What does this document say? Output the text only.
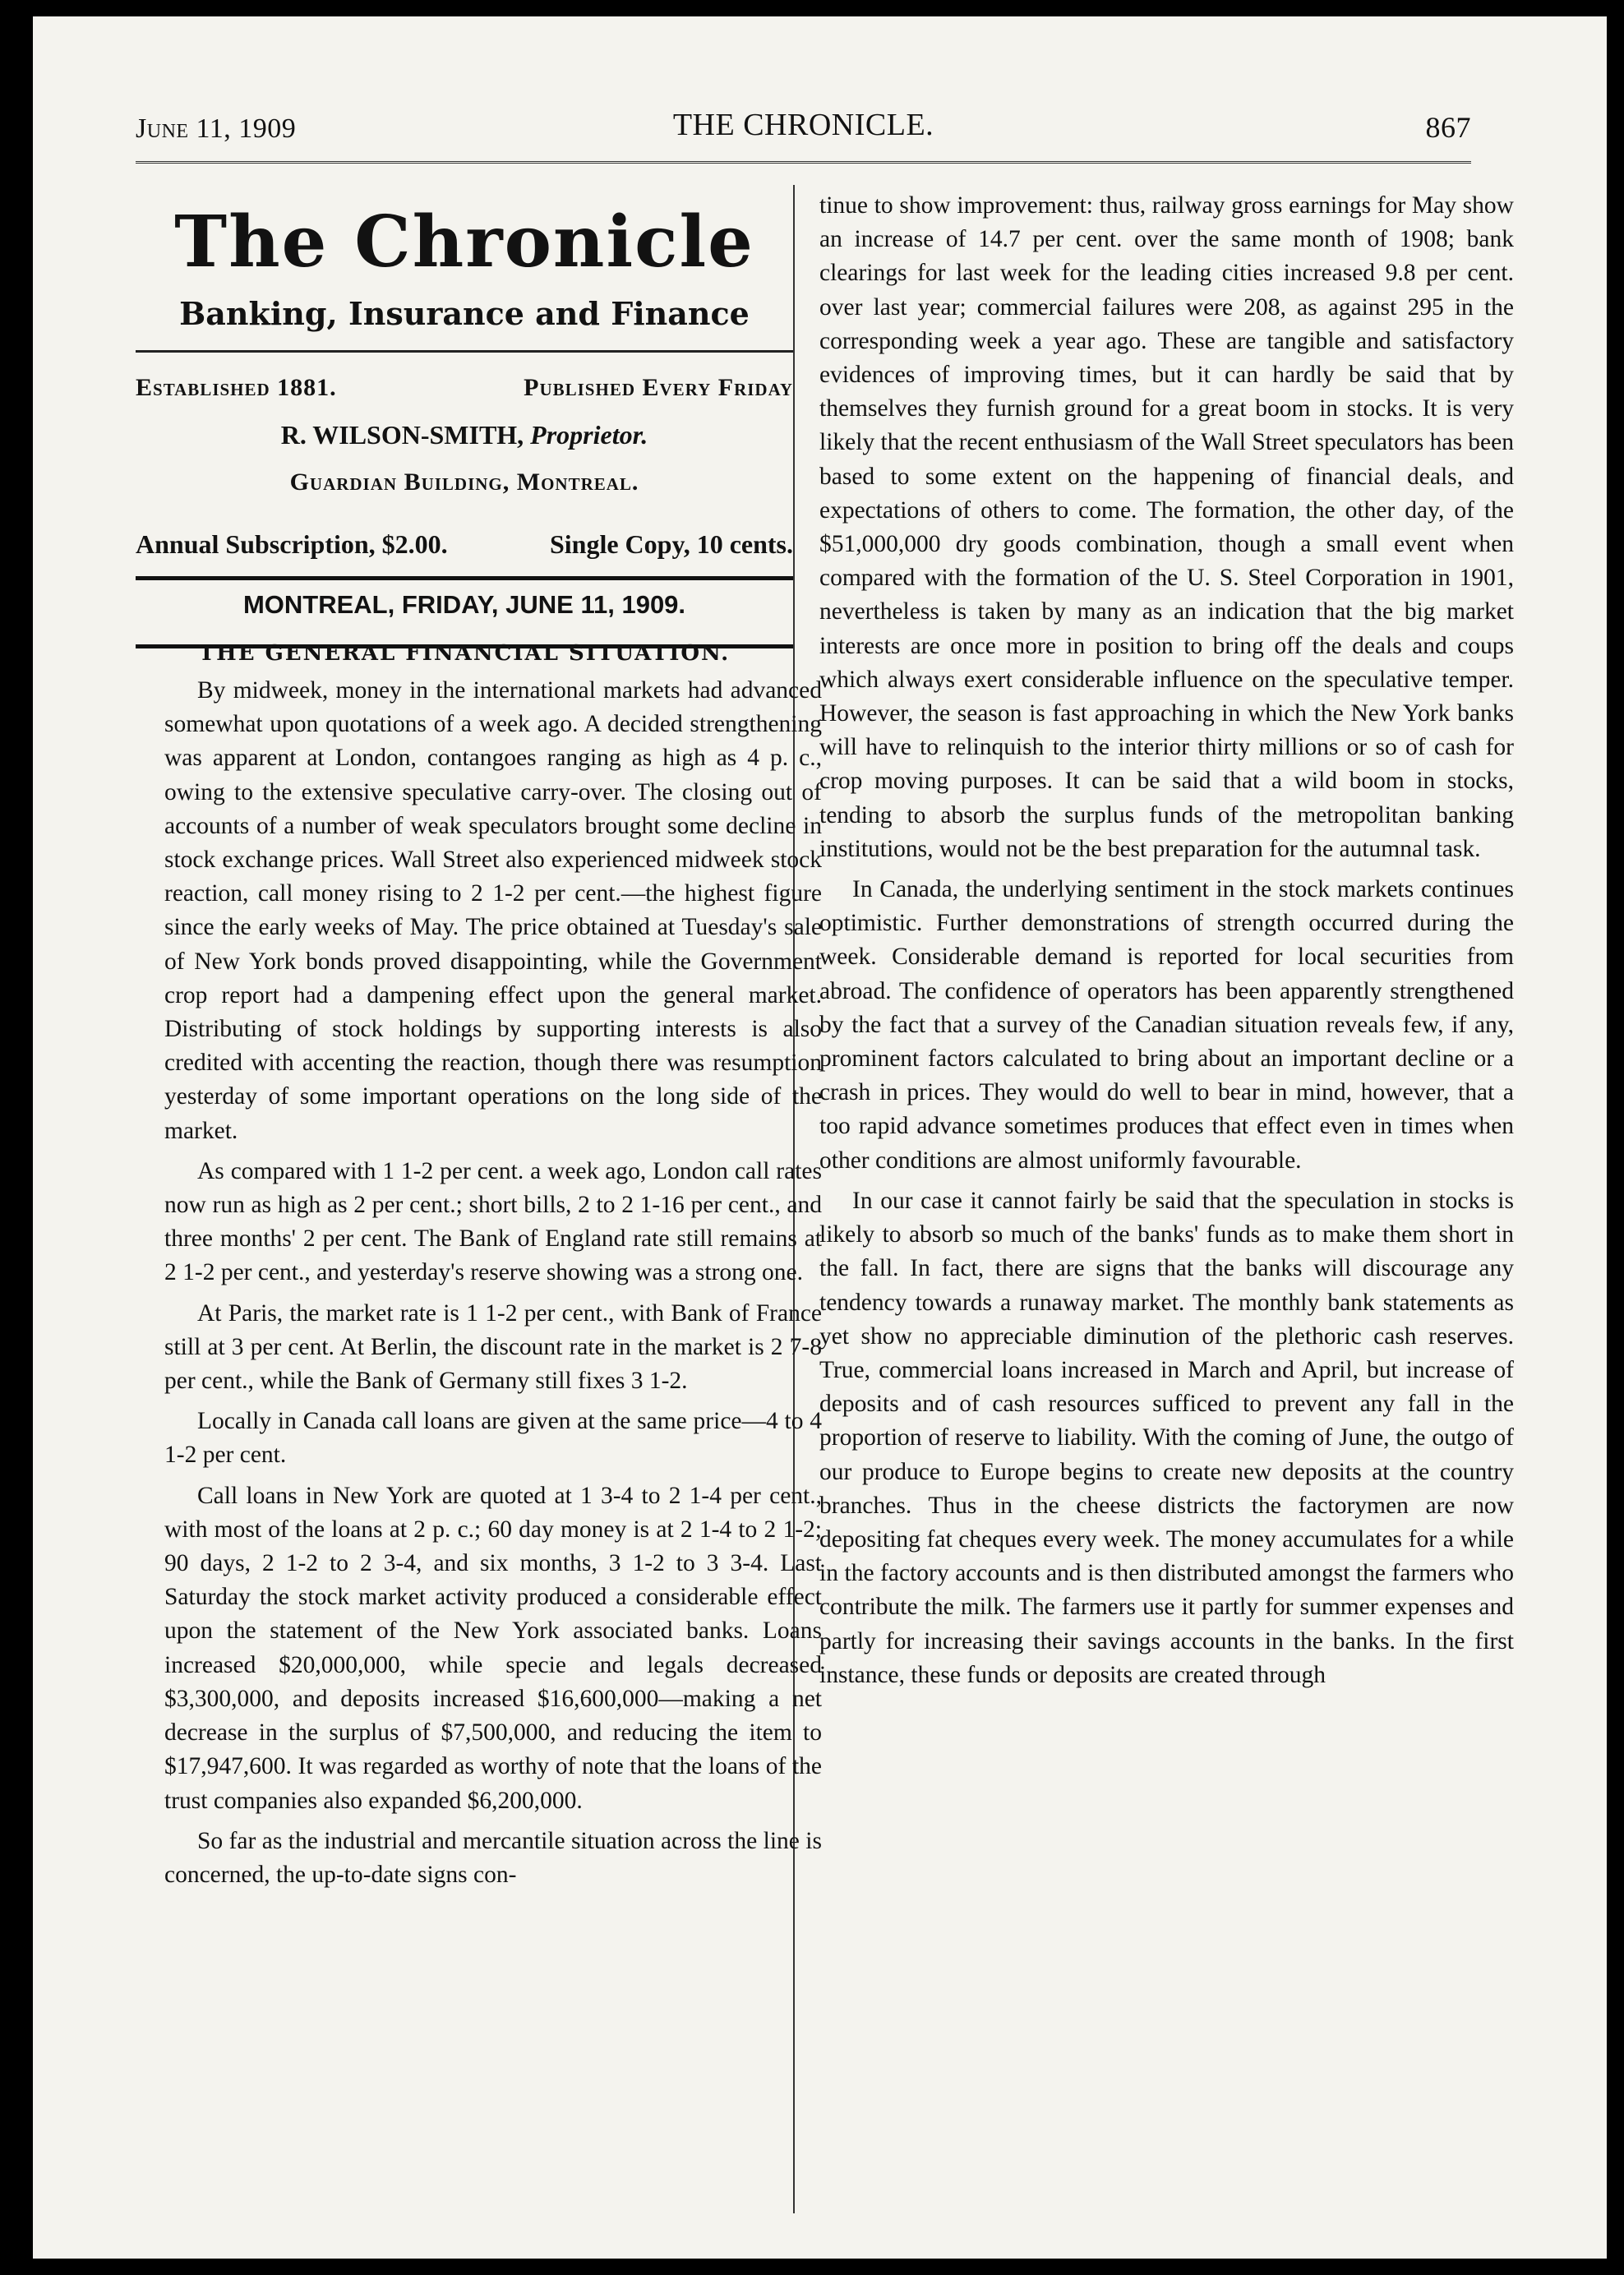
June 11, 1909	THE CHRONICLE.	867
The Chronicle
Banking, Insurance and Finance
Established 1881.	Published Every Friday
R. WILSON-SMITH, Proprietor.
Guardian Building, Montreal.
Annual Subscription, $2.00.	Single Copy, 10 cents.
MONTREAL, FRIDAY, JUNE 11, 1909.
THE GENERAL FINANCIAL SITUATION.

By midweek, money in the international markets had advanced somewhat upon quotations of a week ago. A decided strengthening was apparent at London, contangoes ranging as high as 4 p. c., owing to the extensive speculative carry-over. The closing out of accounts of a number of weak speculators brought some decline in stock exchange prices. Wall Street also experienced midweek stock reaction, call money rising to 2 1-2 per cent.—the highest figure since the early weeks of May. The price obtained at Tuesday's sale of New York bonds proved disappointing, while the Government crop report had a dampening effect upon the general market. Distributing of stock holdings by supporting interests is also credited with accenting the reaction, though there was resumption yesterday of some important operations on the long side of the market.

As compared with 1 1-2 per cent. a week ago, London call rates now run as high as 2 per cent.; short bills, 2 to 2 1-16 per cent., and three months' 2 per cent. The Bank of England rate still remains at 2 1-2 per cent., and yesterday's reserve showing was a strong one.

At Paris, the market rate is 1 1-2 per cent., with Bank of France still at 3 per cent. At Berlin, the discount rate in the market is 2 7-8 per cent., while the Bank of Germany still fixes 3 1-2.

Locally in Canada call loans are given at the same price—4 to 4 1-2 per cent.

Call loans in New York are quoted at 1 3-4 to 2 1-4 per cent., with most of the loans at 2 p. c.; 60 day money is at 2 1-4 to 2 1-2; 90 days, 2 1-2 to 2 3-4, and six months, 3 1-2 to 3 3-4. Last Saturday the stock market activity produced a considerable effect upon the statement of the New York associated banks. Loans increased $20,000,000, while specie and legals decreased $3,300,000, and deposits increased $16,600,000—making a net decrease in the surplus of $7,500,000, and reducing the item to $17,947,600. It was regarded as worthy of note that the loans of the trust companies also expanded $6,200,000.

So far as the industrial and mercantile situation across the line is concerned, the up-to-date signs con-

tinue to show improvement: thus, railway gross earnings for May show an increase of 14.7 per cent. over the same month of 1908; bank clearings for last week for the leading cities increased 9.8 per cent. over last year; commercial failures were 208, as against 295 in the corresponding week a year ago. These are tangible and satisfactory evidences of improving times, but it can hardly be said that by themselves they furnish ground for a great boom in stocks. It is very likely that the recent enthusiasm of the Wall Street speculators has been based to some extent on the happening of financial deals, and expectations of others to come. The formation, the other day, of the $51,000,000 dry goods combination, though a small event when compared with the formation of the U. S. Steel Corporation in 1901, nevertheless is taken by many as an indication that the big market interests are once more in position to bring off the deals and coups which always exert considerable influence on the speculative temper. However, the season is fast approaching in which the New York banks will have to relinquish to the interior thirty millions or so of cash for crop moving purposes. It can be said that a wild boom in stocks, tending to absorb the surplus funds of the metropolitan banking institutions, would not be the best preparation for the autumnal task.

In Canada, the underlying sentiment in the stock markets continues optimistic. Further demonstrations of strength occurred during the week. Considerable demand is reported for local securities from abroad. The confidence of operators has been apparently strengthened by the fact that a survey of the Canadian situation reveals few, if any, prominent factors calculated to bring about an important decline or a crash in prices. They would do well to bear in mind, however, that a too rapid advance sometimes produces that effect even in times when other conditions are almost uniformly favourable.

In our case it cannot fairly be said that the speculation in stocks is likely to absorb so much of the banks' funds as to make them short in the fall. In fact, there are signs that the banks will discourage any tendency towards a runaway market. The monthly bank statements as yet show no appreciable diminution of the plethoric cash reserves. True, commercial loans increased in March and April, but increase of deposits and of cash resources sufficed to prevent any fall in the proportion of reserve to liability. With the coming of June, the outgo of our produce to Europe begins to create new deposits at the country branches. Thus in the cheese districts the factorymen are now depositing fat cheques every week. The money accumulates for a while in the factory accounts and is then distributed amongst the farmers who contribute the milk. The farmers use it partly for summer expenses and partly for increasing their savings accounts in the banks. In the first instance, these funds or deposits are created through
